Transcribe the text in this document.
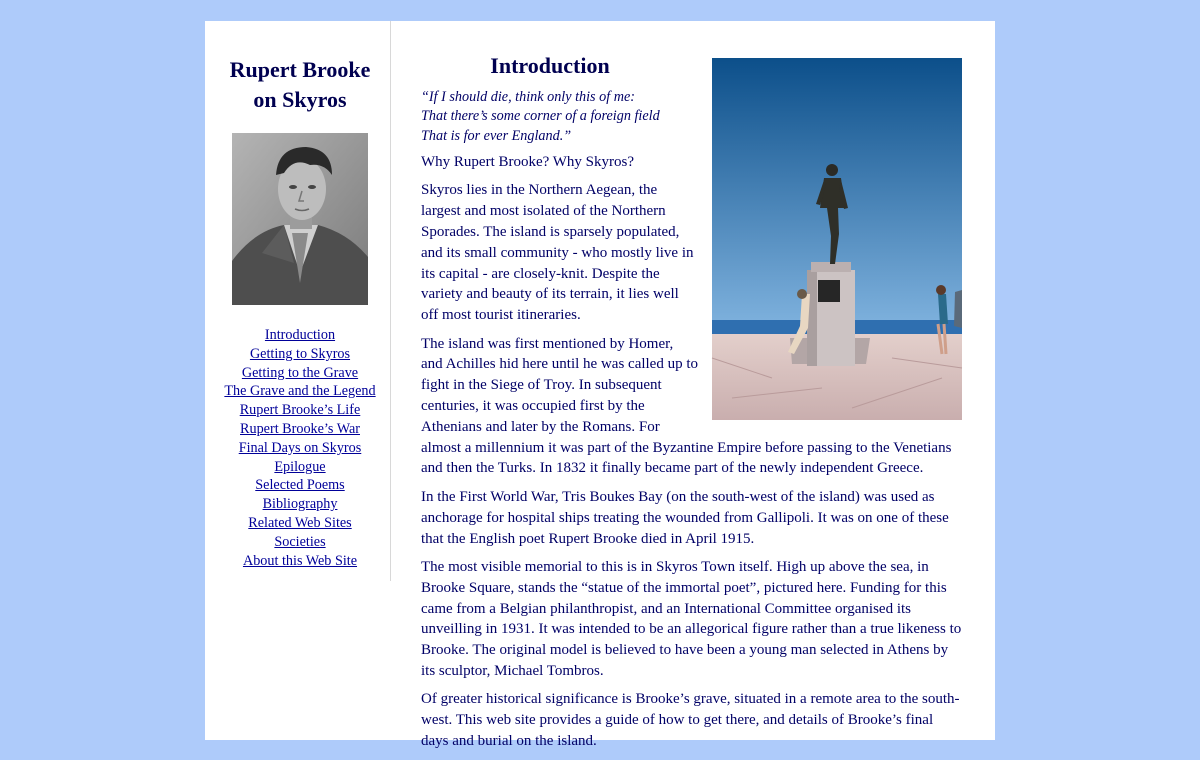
Rupert Brooke
on Skyros
Introduction
Getting to Skyros
Getting to the Grave
The Grave and the Legend
Rupert Brooke’s Life
Rupert Brooke’s War
Final Days on Skyros
Epilogue
Selected Poems
Bibliography
Related Web Sites
Societies
About this Web Site
Introduction

“If I should die, think only this of me:
That there’s some corner of a foreign field
That is for ever England.”

Why Rupert Brooke? Why Skyros?

Skyros lies in the Northern Aegean, the largest and most isolated of the Northern Sporades. The island is sparsely populated, and its small community - who mostly live in its capital - are closely-knit. Despite the variety and beauty of its terrain, it lies well off most tourist itineraries.

The island was first mentioned by Homer, and Achilles hid here until he was called up to fight in the Siege of Troy. In subsequent centuries, it was occupied first by the Athenians and later by the Romans. For almost a millennium it was part of the Byzantine Empire before passing to the Venetians and then the Turks. In 1832 it finally became part of the newly independent Greece.

In the First World War, Tris Boukes Bay (on the south-west of the island) was used as anchorage for hospital ships treating the wounded from Gallipoli. It was on one of these that the English poet Rupert Brooke died in April 1915.

The most visible memorial to this is in Skyros Town itself. High up above the sea, in Brooke Square, stands the “statue of the immortal poet”, pictured here. Funding for this came from a Belgian philanthropist, and an International Committee organised its unveilling in 1931. It was intended to be an allegorical figure rather than a true likeness to Brooke. The original model is believed to have been a young man selected in Athens by its sculptor, Michael Tombros.

Of greater historical significance is Brooke’s grave, situated in a remote area to the south-west. This web site provides a guide of how to get there, and details of Brooke’s final days and burial on the island.
